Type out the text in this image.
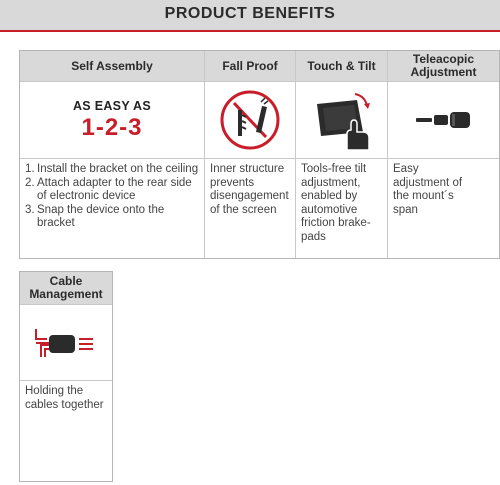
PRODUCT BENEFITS
Self Assembly	Fall Proof Touch & Tilt	Teleacopic Adjustment
AS EASY AS
1-2-3
1. Install the bracket on the ceiling
2. Attach adapter to the rear side of electronic device
3. Snap the device onto the bracket
Inner structure prevents disengagement of the screen
Tools-free tilt adjustment, enabled by automotive friction brake-pads
Easy adjustment of the mount´s span
Cable Management
Holding the cables together
